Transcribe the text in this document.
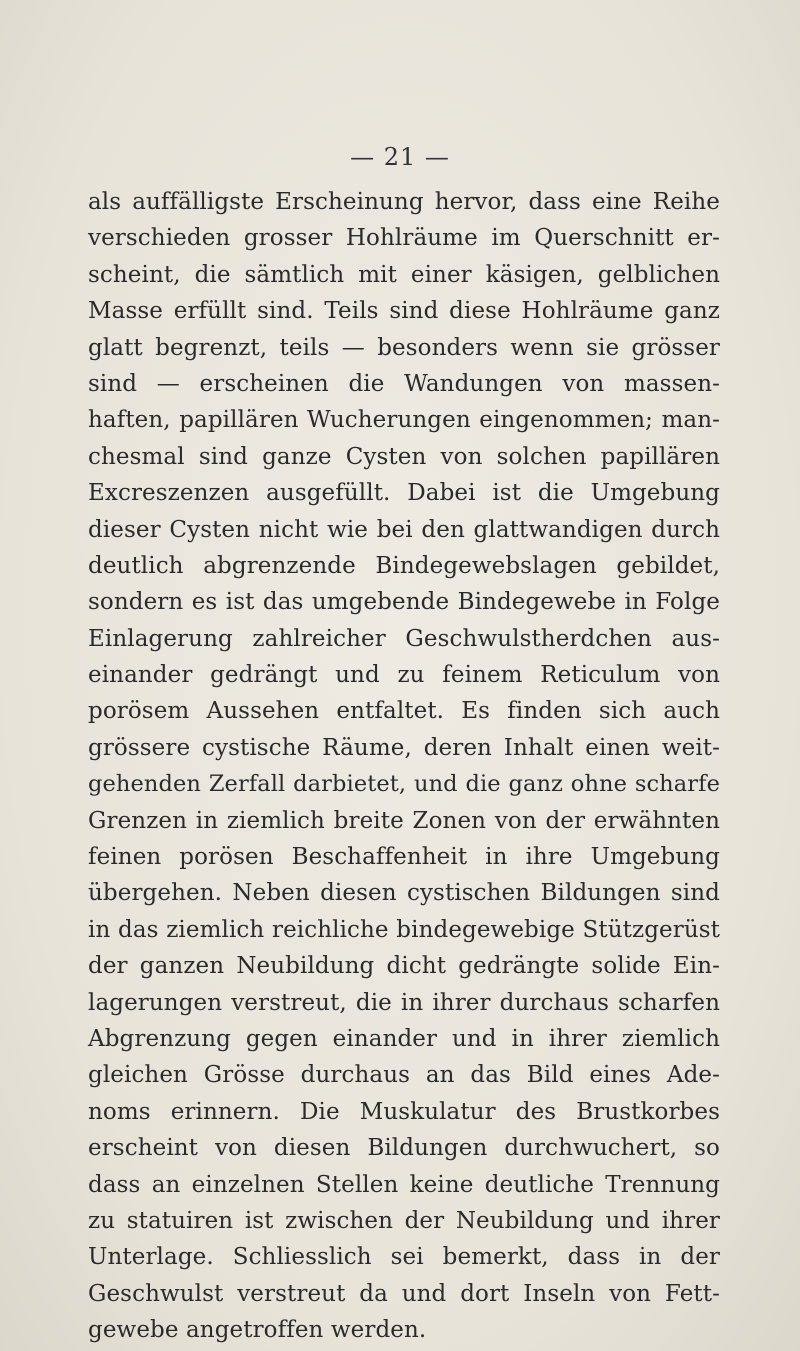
— 21 —
als auffälligste Erscheinung hervor, dass eine Reihe
verschieden grosser Hohlräume im Querschnitt er-
scheint, die sämtlich mit einer käsigen, gelblichen
Masse erfüllt sind. Teils sind diese Hohlräume ganz
glatt begrenzt, teils — besonders wenn sie grösser
sind — erscheinen die Wandungen von massen-
haften, papillären Wucherungen eingenommen; man-
chesmal sind ganze Cysten von solchen papillären
Excreszenzen ausgefüllt. Dabei ist die Umgebung
dieser Cysten nicht wie bei den glattwandigen durch
deutlich abgrenzende Bindegewebslagen gebildet,
sondern es ist das umgebende Bindegewebe in Folge
Einlagerung zahlreicher Geschwulstherdchen aus-
einander gedrängt und zu feinem Reticulum von
porösem Aussehen entfaltet. Es finden sich auch
grössere cystische Räume, deren Inhalt einen weit-
gehenden Zerfall darbietet, und die ganz ohne scharfe
Grenzen in ziemlich breite Zonen von der erwähnten
feinen porösen Beschaffenheit in ihre Umgebung
übergehen. Neben diesen cystischen Bildungen sind
in das ziemlich reichliche bindegewebige Stützgerüst
der ganzen Neubildung dicht gedrängte solide Ein-
lagerungen verstreut, die in ihrer durchaus scharfen
Abgrenzung gegen einander und in ihrer ziemlich
gleichen Grösse durchaus an das Bild eines Ade-
noms erinnern. Die Muskulatur des Brustkorbes
erscheint von diesen Bildungen durchwuchert, so
dass an einzelnen Stellen keine deutliche Trennung
zu statuiren ist zwischen der Neubildung und ihrer
Unterlage. Schliesslich sei bemerkt, dass in der
Geschwulst verstreut da und dort Inseln von Fett-
gewebe angetroffen werden.
